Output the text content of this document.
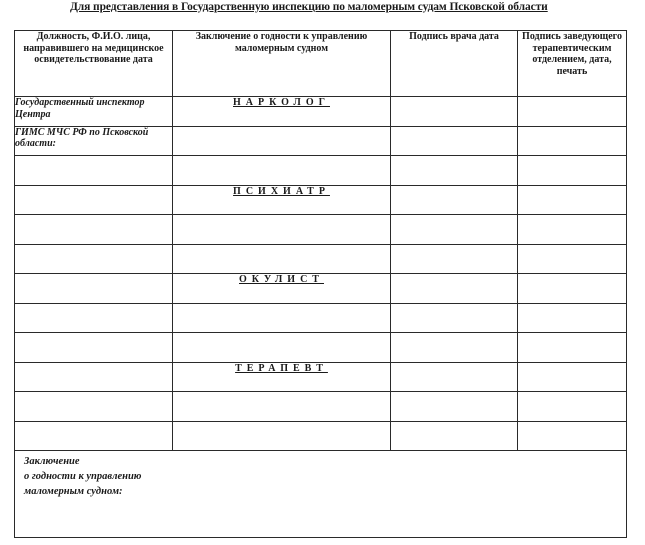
Для представления в Государственную инспекцию по маломерным судам Псковской области
Должность, Ф.И.О. лица, направившего на медицинское освидетельствование дата	Заключение о годности к управлению маломерным судном	Подпись врача дата	Подпись заведующего терапевтическим отделением, дата, печать
Государственный инспектор Центра	НАРКОЛОГ		
ГИМС МЧС РФ по Псковской области:			

	ПСИХИАТР		

	ОКУЛИСТ		

	ТЕРАПЕВТ		

Заключение
о годности к управлению
маломерным судном:			
